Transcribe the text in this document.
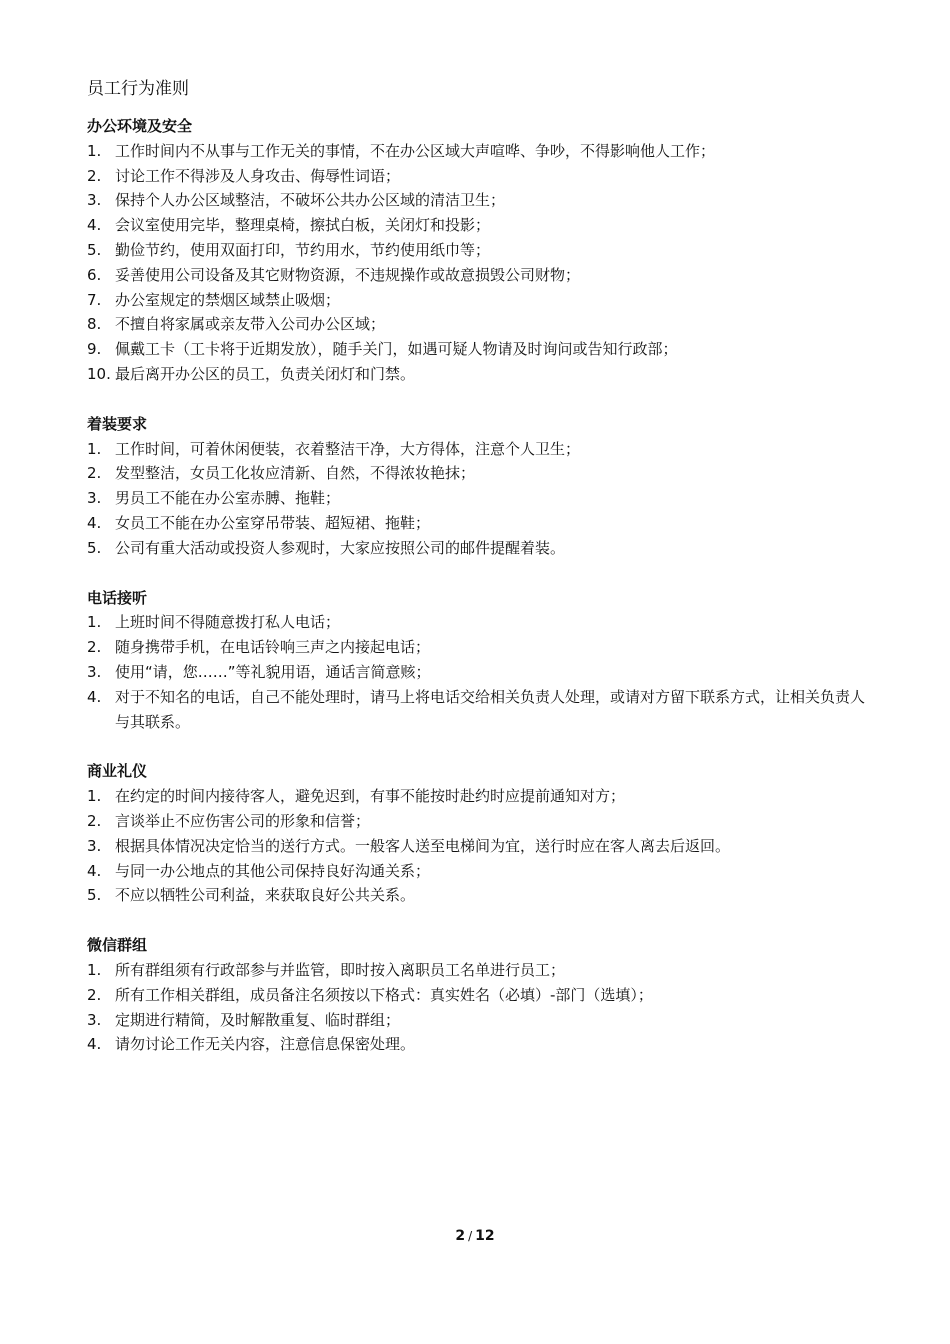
员工行为准则
办公环境及安全
1. 工作时间内不从事与工作无关的事情，不在办公区域大声喧哗、争吵，不得影响他人工作；
2. 讨论工作不得涉及人身攻击、侮辱性词语；
3. 保持个人办公区域整洁，不破坏公共办公区域的清洁卫生；
4. 会议室使用完毕，整理桌椅，擦拭白板，关闭灯和投影；
5. 勤俭节约，使用双面打印，节约用水，节约使用纸巾等；
6. 妥善使用公司设备及其它财物资源，不违规操作或故意损毁公司财物；
7. 办公室规定的禁烟区域禁止吸烟；
8. 不擅自将家属或亲友带入公司办公区域；
9. 佩戴工卡（工卡将于近期发放），随手关门，如遇可疑人物请及时询问或告知行政部；
10. 最后离开办公区的员工，负责关闭灯和门禁。
着装要求
1. 工作时间，可着休闲便装，衣着整洁干净，大方得体，注意个人卫生；
2. 发型整洁，女员工化妆应清新、自然，不得浓妆艳抹；
3. 男员工不能在办公室赤膊、拖鞋；
4. 女员工不能在办公室穿吊带装、超短裙、拖鞋；
5. 公司有重大活动或投资人参观时，大家应按照公司的邮件提醒着装。
电话接听
1. 上班时间不得随意拨打私人电话；
2. 随身携带手机，在电话铃响三声之内接起电话；
3. 使用“请，您……”等礼貌用语，通话言简意赅；
4. 对于不知名的电话，自己不能处理时，请马上将电话交给相关负责人处理，或请对方留下联系方式，让相关负责人与其联系。
商业礼仪
1. 在约定的时间内接待客人，避免迟到，有事不能按时赴约时应提前通知对方；
2. 言谈举止不应伤害公司的形象和信誉；
3. 根据具体情况决定恰当的送行方式。一般客人送至电梯间为宜，送行时应在客人离去后返回。
4. 与同一办公地点的其他公司保持良好沟通关系；
5. 不应以牺牲公司利益，来获取良好公共关系。
微信群组
1. 所有群组须有行政部参与并监管，即时按入离职员工名单进行员工；
2. 所有工作相关群组，成员备注名须按以下格式：真实姓名（必填）-部门（选填）；
3. 定期进行精简，及时解散重复、临时群组；
4. 请勿讨论工作无关内容，注意信息保密处理。
2 / 12
